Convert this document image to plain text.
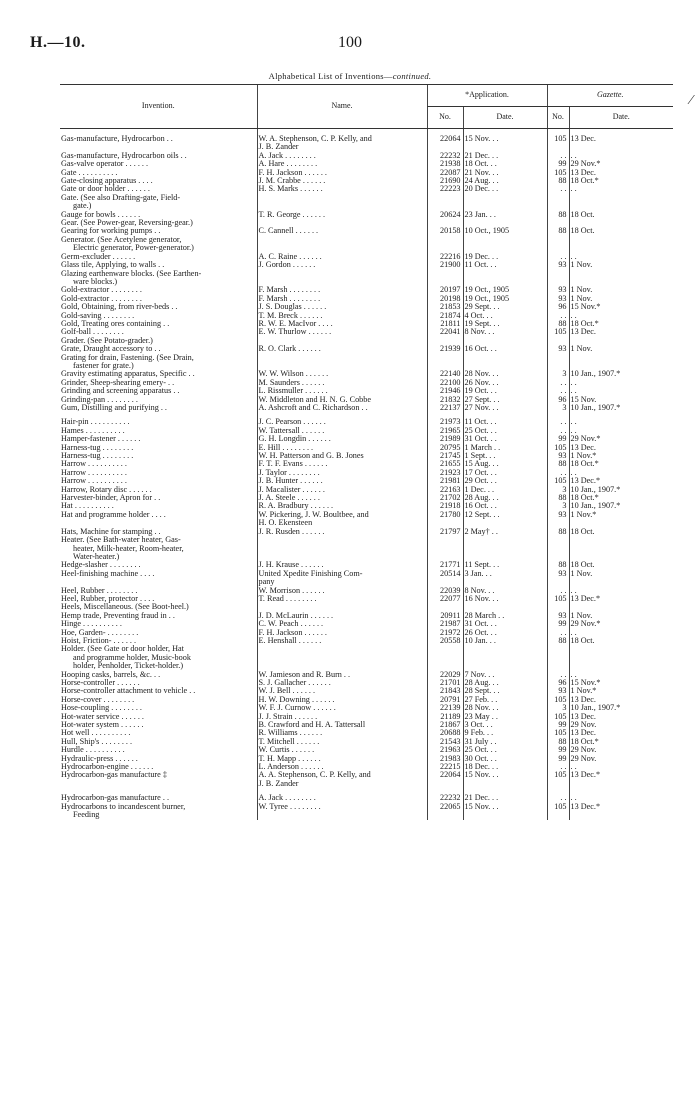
H.—10.	100
Alphabetical List of Inventions—continued.
⁄
Invention.	Name.	*Application.		Gazette.	
		No.	Date.	No.	Date.

Gas-manufacture, Hydrocarbon . .	W. A. Stephenson, C. P. Kelly, and	22064	15 Nov. . .	105	13 Dec.
	J. B. Zander				
Gas-manufacture, Hydrocarbon oils . .	A. Jack . . . . . . . .	22232	21 Dec. . .	. .	. .
Gas-valve operator . . . . . .	A. Hare . . . . . . . .	21938	18 Oct. . .	99	29 Nov.*
Gate . . . . . . . . . .	F. H. Jackson . . . . . .	22087	21 Nov. . .	105	13 Dec.
Gate-closing apparatus . . . .	J. M. Crabbe . . . . . .	21690	24 Aug. . .	88	18 Oct.*
Gate or door holder . . . . . .	H. S. Marks . . . . . .	22223	20 Dec. . .	. .	. .
Gate. (See also Drafting-gate, Field-					
gate.)					
Gauge for bowls . . . . . .	T. R. George . . . . . .	20624	23 Jan. . .	88	18 Oct.
Gear. (See Power-gear, Reversing-gear.)					
Gearing for working pumps . .	C. Cannell . . . . . .	20158	10 Oct., 1905	88	18 Oct.
Generator. (See Acetylene generator,					
Electric generator, Power-generator.)					
Germ-excluder . . . . . .	A. C. Raine . . . . . .	22216	19 Dec. . .	. .	. .
Glass tile, Applying, to walls . .	J. Gordon . . . . . .	21900	11 Oct. . .	93	1 Nov.
Glazing earthenware blocks. (See Earthen-					
ware blocks.)					
Gold-extractor . . . . . . . .	F. Marsh . . . . . . . .	20197	19 Oct., 1905	93	1 Nov.
Gold-extractor . . . . . . . .	F. Marsh . . . . . . . .	20198	19 Oct., 1905	93	1 Nov.
Gold, Obtaining, from river-beds . .	J. S. Douglas . . . . . .	21853	29 Sept. . .	96	15 Nov.*
Gold-saving . . . . . . . .	T. M. Breck . . . . . .	21874	4 Oct. . .	. .	. .
Gold, Treating ores containing . .	R. W. E. MacIvor . . . .	21811	19 Sept. . .	88	18 Oct.*
Golf-ball . . . . . . . .	E. W. Thurlow . . . . . .	22041	8 Nov. . .	105	13 Dec.
Grader. (See Potato-grader.)					
Grate, Draught accessory to . .	R. O. Clark . . . . . .	21939	16 Oct. . .	93	1 Nov.
Grating for drain, Fastening. (See Drain,					
fastener for grate.)					
Gravity estimating apparatus, Specific . .	W. W. Wilson . . . . . .	22140	28 Nov. . .	3	10 Jan., 1907.*
Grinder, Sheep-shearing emery- . .	M. Saunders . . . . . .	22100	26 Nov. . .	. .	. .
Grinding and screening apparatus . .	L. Rissmuller . . . . . .	21946	19 Oct. . .	. .	. .
Grinding-pan . . . . . . . .	W. Middleton and H. N. G. Cobbe	21832	27 Sept. . .	96	15 Nov.
Gum, Distilling and purifying . .	A. Ashcroft and C. Richardson . .	22137	27 Nov. . .	3	10 Jan., 1907.*

Hair-pin . . . . . . . . . .	J. C. Pearson . . . . . .	21973	11 Oct. . .	. .	. .
Hames . . . . . . . . . .	W. Tattersall . . . . . .	21965	25 Oct. . .	. .	. .
Hamper-fastener . . . . . .	G. H. Longdin . . . . . .	21989	31 Oct. . .	99	29 Nov.*
Harness-tug . . . . . . . .	E. Hill . . . . . . . .	20795	1 March . .	105	13 Dec.
Harness-tug . . . . . . . .	W. H. Patterson and G. B. Jones	21745	1 Sept. . .	93	1 Nov.*
Harrow . . . . . . . . . .	F. T. F. Evans . . . . . .	21655	15 Aug. . .	88	18 Oct.*
Harrow . . . . . . . . . .	J. Taylor . . . . . . . .	21923	17 Oct. . .	. .	. .
Harrow . . . . . . . . . .	J. B. Hunter . . . . . .	21981	29 Oct. . .	105	13 Dec.*
Harrow, Rotary disc . . . . . .	J. Macalister . . . . . .	22163	1 Dec. . .	3	10 Jan., 1907.*
Harvester-binder, Apron for . .	J. A. Steele . . . . . .	21702	28 Aug. . .	88	18 Oct.*
Hat . . . . . . . . . .	R. A. Bradbury . . . . . .	21918	16 Oct. . .	3	10 Jan., 1907.*
Hat and programme holder . . . .	W. Pickering, J. W. Boultbee, and	21780	12 Sept. . .	93	1 Nov.*
	H. O. Ekensteen				
Hats, Machine for stamping . .	J. R. Rusden . . . . . .	21797	2 May† . .	88	18 Oct.
Heater. (See Bath-water heater, Gas-					
heater, Milk-heater, Room-heater,					
Water-heater.)					
Hedge-slasher . . . . . . . .	J. H. Krause . . . . . .	21771	11 Sept. . .	88	18 Oct.
Heel-finishing machine . . . .	United Xpedite Finishing Com-	20514	3 Jan. . .	93	1 Nov.
	pany				
Heel, Rubber . . . . . . . .	W. Morrison . . . . . .	22039	8 Nov. . .	. .	. .
Heel, Rubber, protector . . . .	T. Read . . . . . . . .	22077	16 Nov. . .	105	13 Dec.*
Heels, Miscellaneous. (See Boot-heel.)					
Hemp trade, Preventing fraud in . .	J. D. McLaurin . . . . . .	20911	28 March . .	93	1 Nov.
Hinge . . . . . . . . . .	C. W. Peach . . . . . .	21987	31 Oct. . .	99	29 Nov.*
Hoe, Garden- . . . . . . . .	F. H. Jackson . . . . . .	21972	26 Oct. . .	. .	. .
Hoist, Friction- . . . . . .	E. Henshall . . . . . .	20558	10 Jan. . .	88	18 Oct.
Holder. (See Gate or door holder, Hat					
and programme holder, Music-book					
holder, Penholder, Ticket-holder.)					
Hooping casks, barrels, &c. . .	W. Jamieson and R. Burn . .	22029	7 Nov. . .	. .	. .
Horse-controller . . . . . .	S. J. Gallacher . . . . . .	21701	28 Aug. . .	96	15 Nov.*
Horse-controller attachment to vehicle . .	W. J. Bell . . . . . .	21843	28 Sept. . .	93	1 Nov.*
Horse-cover . . . . . . . .	H. W. Downing . . . . . .	20791	27 Feb. . .	105	13 Dec.
Hose-coupling . . . . . . . .	W. F. J. Curnow . . . . . .	22139	28 Nov. . .	3	10 Jan., 1907.*
Hot-water service . . . . . .	J. J. Strain . . . . . .	21189	23 May . .	105	13 Dec.
Hot-water system . . . . . .	B. Crawford and H. A. Tattersall	21867	3 Oct. . .	99	29 Nov.
Hot well . . . . . . . . . .	R. Williams . . . . . .	20688	9 Feb. . .	105	13 Dec.
Hull, Ship's . . . . . . . .	T. Mitchell . . . . . .	21543	31 July . .	88	18 Oct.*
Hurdle . . . . . . . . . .	W. Curtis . . . . . .	21963	25 Oct. . .	99	29 Nov.
Hydraulic-press . . . . . .	T. H. Mapp . . . . . .	21983	30 Oct. . .	99	29 Nov.
Hydrocarbon-engine . . . . . .	L. Anderson . . . . . .	22215	18 Dec. . .	. .	. .
Hydrocarbon-gas manufacture ‡	A. A. Stephenson, C. P. Kelly, and	22064	15 Nov. . .	105	13 Dec.*
	J. B. Zander				

Hydrocarbon-gas manufacture . .	A. Jack . . . . . . . .	22232	21 Dec. . .	. .	. .
Hydrocarbons to incandescent burner,	W. Tyree . . . . . . . .	22065	15 Nov. . .	105	13 Dec.*
Feeding					
